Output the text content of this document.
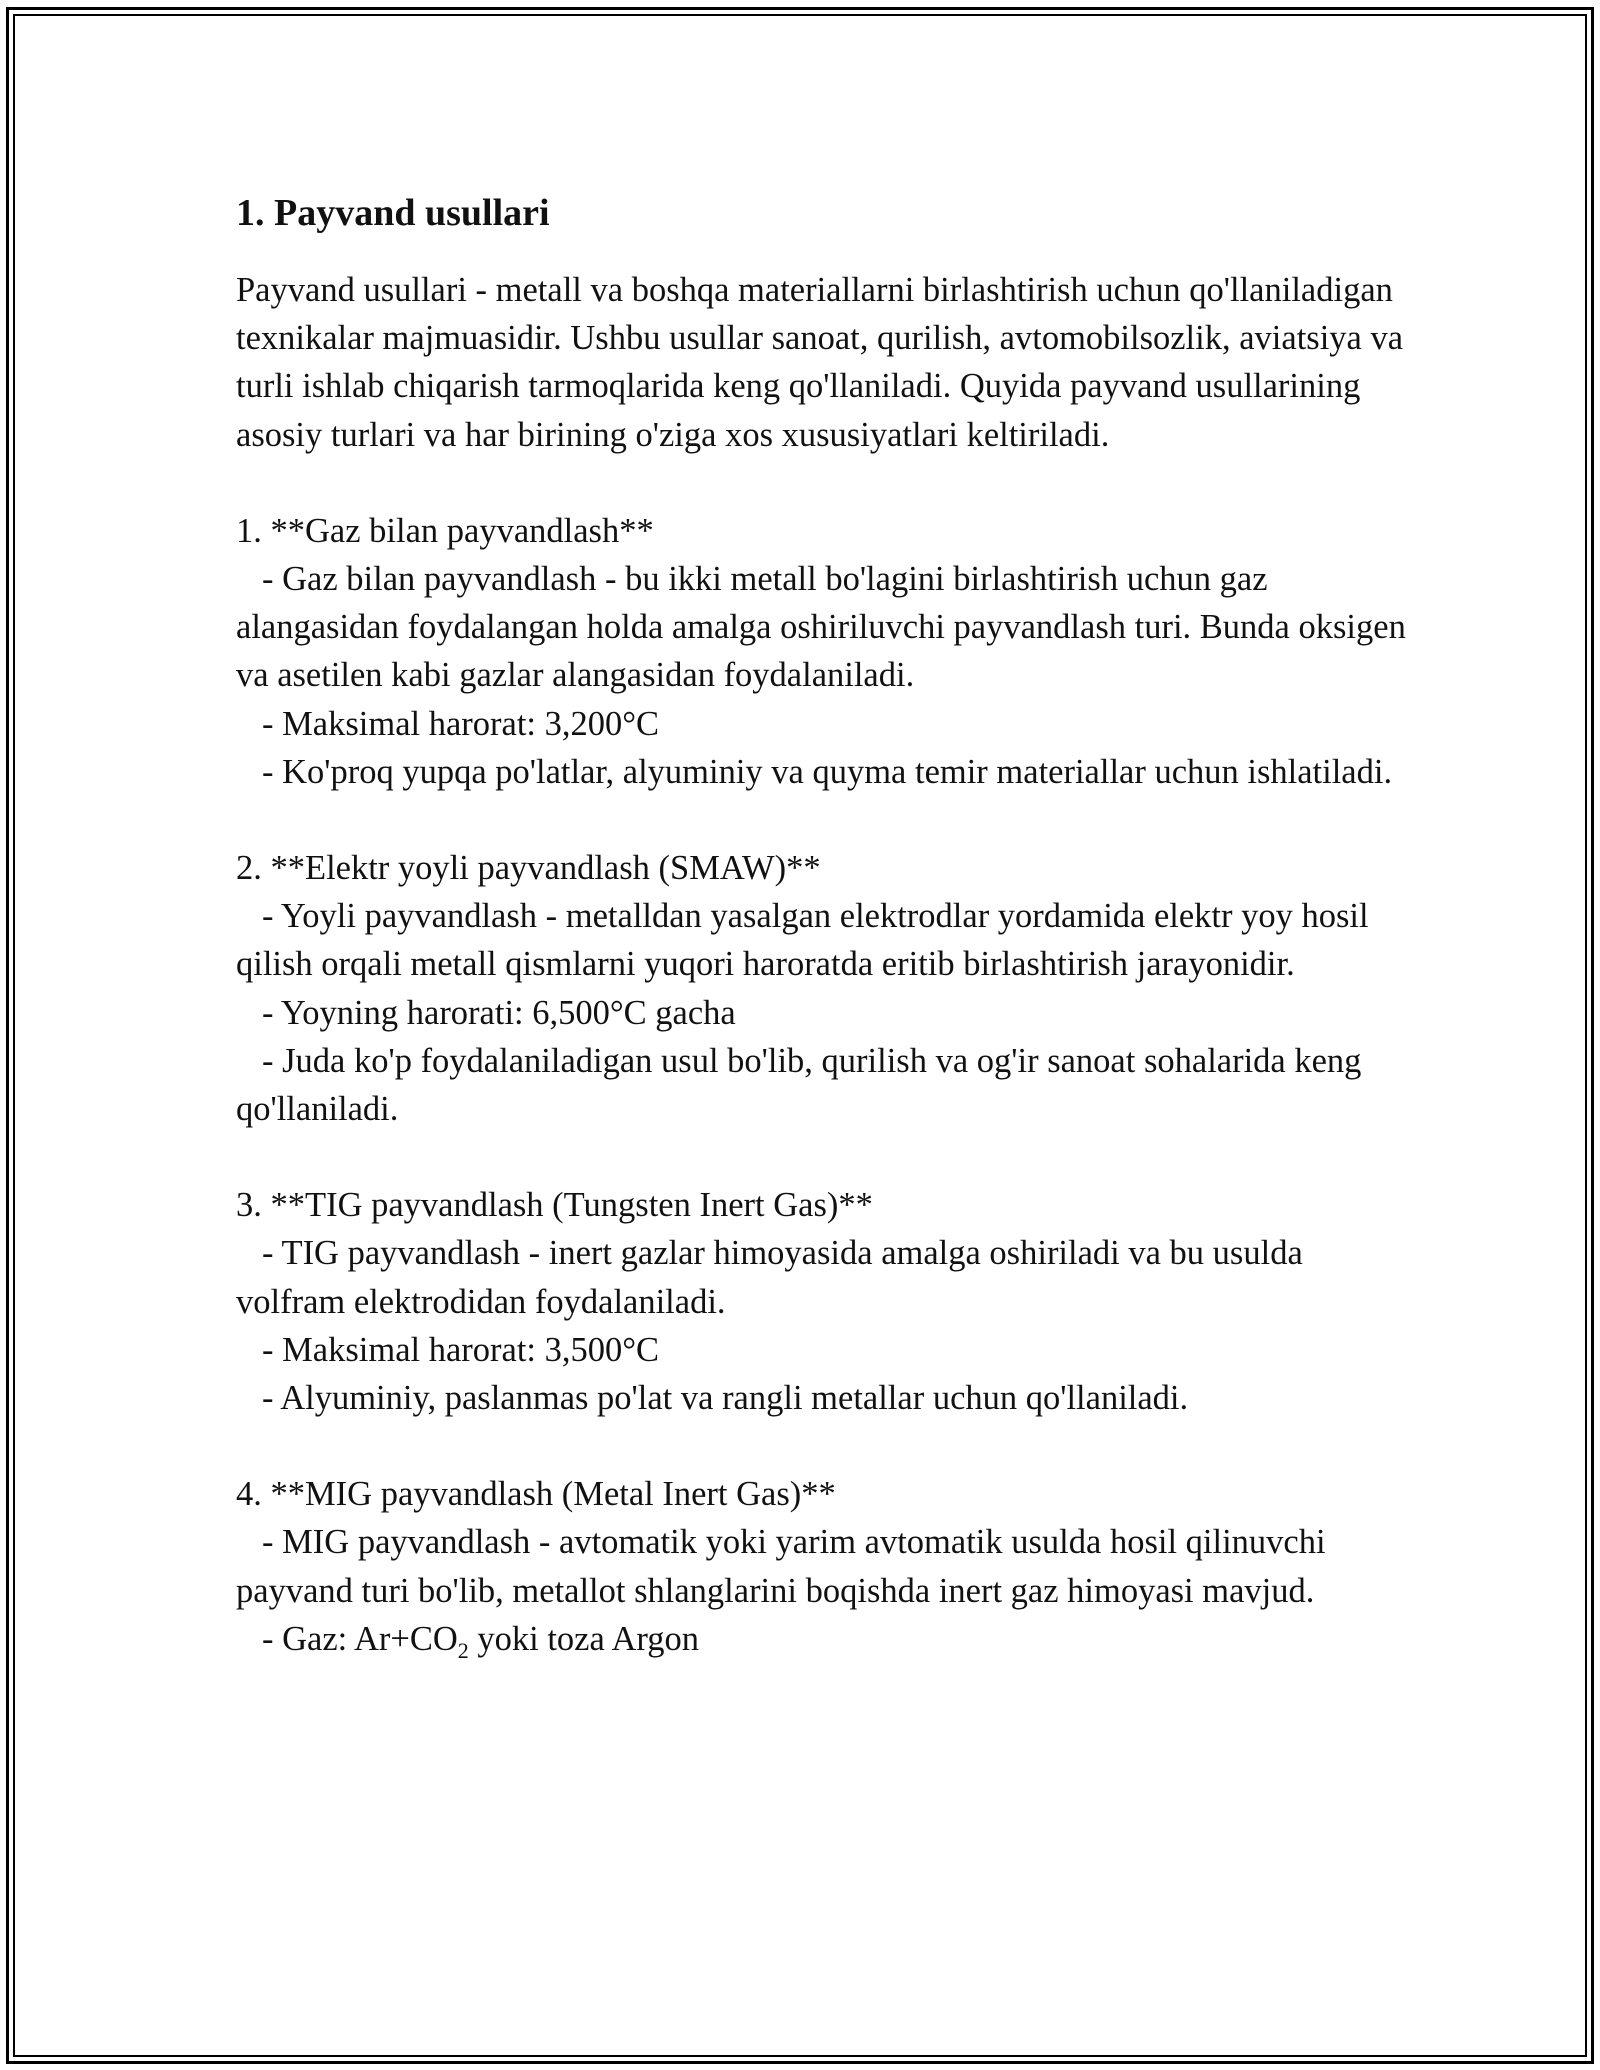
1. Payvand usullari

Payvand usullari - metall va boshqa materiallarni birlashtirish uchun qo'llaniladigan texnikalar majmuasidir. Ushbu usullar sanoat, qurilish, avtomobilsozlik, aviatsiya va turli ishlab chiqarish tarmoqlarida keng qo'llaniladi. Quyida payvand usullarining asosiy turlari va har birining o'ziga xos xususiyatlari keltiriladi.

1. **Gaz bilan payvandlash**

- Gaz bilan payvandlash - bu ikki metall bo'lagini birlashtirish uchun gaz alangasidan foydalangan holda amalga oshiriluvchi payvandlash turi. Bunda oksigen va asetilen kabi gazlar alangasidan foydalaniladi.

- Maksimal harorat: 3,200°C

- Ko'proq yupqa po'latlar, alyuminiy va quyma temir materiallar uchun ishlatiladi.

2. **Elektr yoyli payvandlash (SMAW)**

- Yoyli payvandlash - metalldan yasalgan elektrodlar yordamida elektr yoy hosil qilish orqali metall qismlarni yuqori haroratda eritib birlashtirish jarayonidir.

- Yoyning harorati: 6,500°C gacha

- Juda ko'p foydalaniladigan usul bo'lib, qurilish va og'ir sanoat sohalarida keng qo'llaniladi.

3. **TIG payvandlash (Tungsten Inert Gas)**

- TIG payvandlash - inert gazlar himoyasida amalga oshiriladi va bu usulda volfram elektrodidan foydalaniladi.

- Maksimal harorat: 3,500°C

- Alyuminiy, paslanmas po'lat va rangli metallar uchun qo'llaniladi.

4. **MIG payvandlash (Metal Inert Gas)**

- MIG payvandlash - avtomatik yoki yarim avtomatik usulda hosil qilinuvchi payvand turi bo'lib, metallot shlanglarini boqishda inert gaz himoyasi mavjud.

- Gaz: $Ar+CO_2$ yoki toza Argon
